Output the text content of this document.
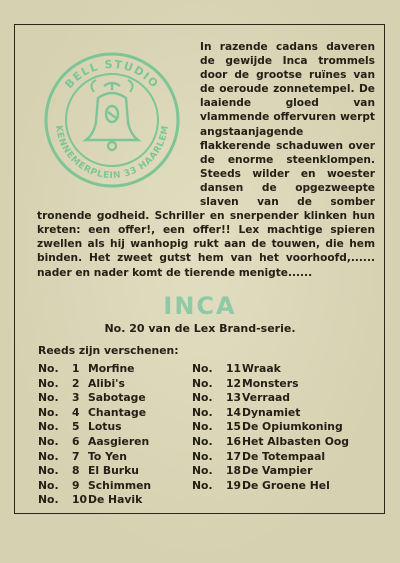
BELL STUDIO
KENNEMERPLEIN 33 HAARLEM
In razende cadans daveren de gewijde Inca trommels door de grootse ruïnes van de oeroude zonnetempel. De laaiende gloed van vlammende offervuren werpt angstaanjagende flakkerende schaduwen over de enorme steenklompen. Steeds wilder en woester dansen de opgezweepte slaven van de somber tronende godheid. Schriller en snerpender klinken hun kreten: een offer!, een offer!! Lex machtige spieren zwellen als hij wanhopig rukt aan de touwen, die hem binden. Het zweet gutst hem van het voorhoofd,...... nader en nader komt de tierende menigte......
INCA
No. 20 van de Lex Brand-serie.
Reeds zijn verschenen:
No. 1 Morfine
No. 2 Alibi's
No. 3 Sabotage
No. 4 Chantage
No. 5 Lotus
No. 6 Aasgieren
No. 7 To Yen
No. 8 El Burku
No. 9 Schimmen
No. 10De Havik
No. 11Wraak
No. 12Monsters
No. 13Verraad
No. 14Dynamiet
No. 15De Opiumkoning
No. 16Het Albasten Oog
No. 17De Totempaal
No. 18De Vampier
No. 19De Groene Hel
